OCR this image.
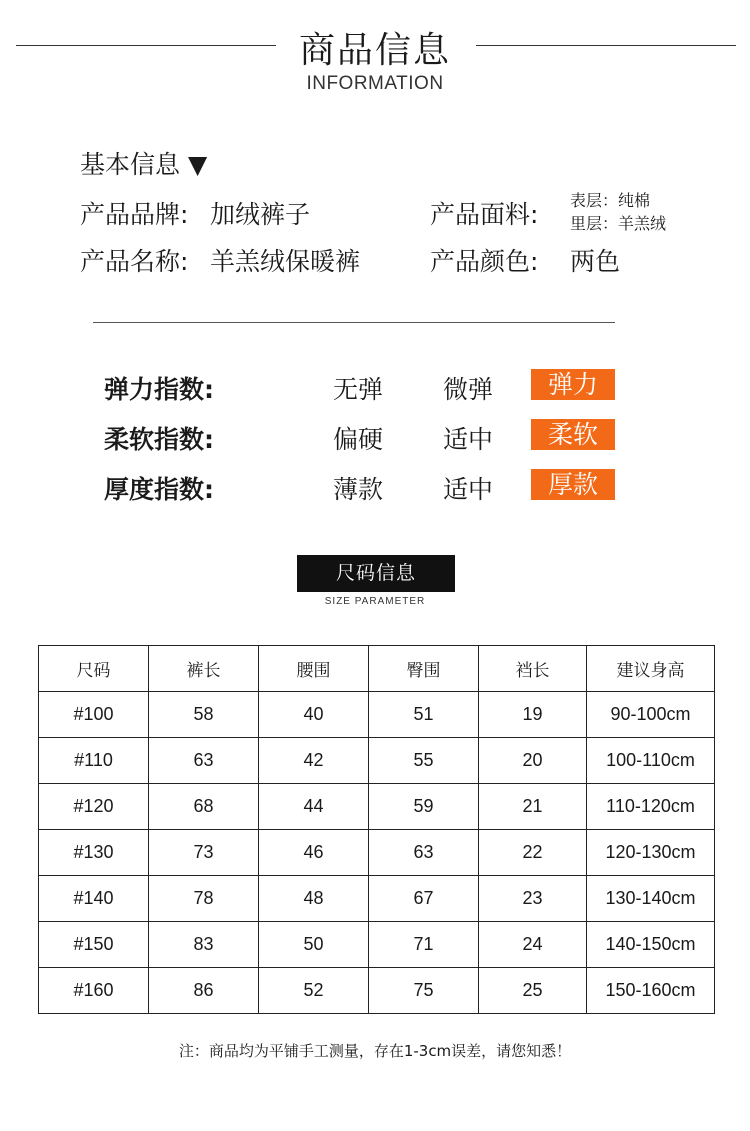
商品信息
INFORMATION
基本信息 ▼
产品品牌: 加绒裤子
产品名称: 羊羔绒保暖裤
产品面料: 表层：纯棉
里层：羊羔绒
产品颜色: 两色
弹力指数:	无弹	微弹	弹力
柔软指数:	偏硬	适中	柔软
厚度指数:	薄款	适中	厚款
尺码信息
SIZE PARAMETER
尺码	裤长	腰围	臀围	裆长	建议身高
#100	58	40	51	19	90-100cm
#110	63	42	55	20	100-110cm
#120	68	44	59	21	110-120cm
#130	73	46	63	22	120-130cm
#140	78	48	67	23	130-140cm
#150	83	50	71	24	140-150cm
#160	86	52	75	25	150-160cm
注：商品均为平铺手工测量，存在1-3cm误差，请您知悉！
